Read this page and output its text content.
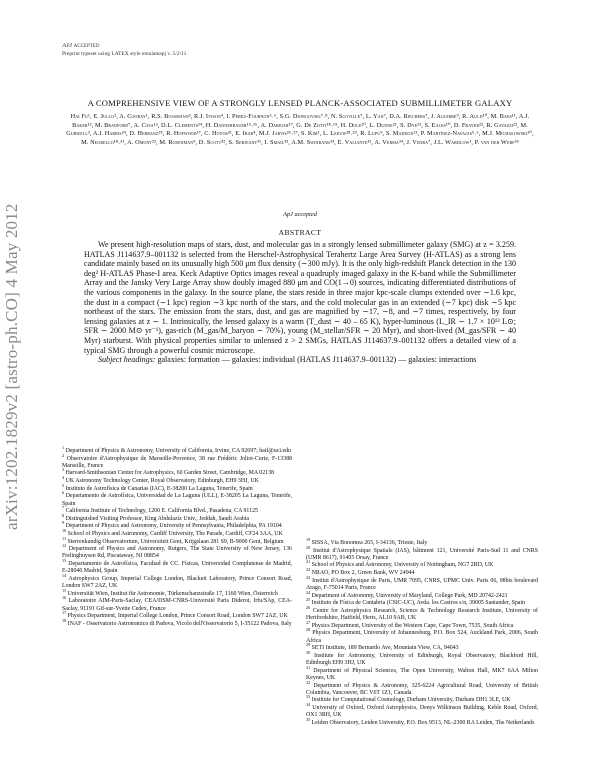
ApJ accepted
Preprint typeset using LATEX style emulateapj v. 5/2/11
arXiv:1202.1829v2 [astro-ph.CO] 4 May 2012
A COMPREHENSIVE VIEW OF A STRONGLY LENSED PLANCK-ASSOCIATED SUBMILLIMETER GALAXY
Hai Fu¹, E. Jullo², A. Cooray¹, R.S. Bussmann³, R.J. Ivison⁴, I. Pérez-Fournon⁵˒⁶, S.G. Djorgovski⁷˒⁸, N. Scoville⁷, L. Yan⁷, D.A. Riechers⁷, J. Aguirre⁹, R. Auld¹⁰, M. Baes¹¹, A.J. Baker¹², M. Bradford⁷, A. Cava¹³, D.L. Clements¹⁴, H. Dannerbauer¹⁵˒¹⁶, A. Dariush¹⁷, G. De Zotti¹⁸˒¹⁹, H. Dole²⁰, L. Dunne²¹, S. Dye²¹, S. Eales¹⁰, D. Frayer²², R. Gavazzi²³, M. Gurwell³, A.I. Harris²⁴, D. Herranz²⁵, R. Hopwood¹⁷, C. Hoyos²¹, E. Ibar⁴, M.J. Jarvis²⁶˒²⁷, S. Kim¹, L. Leeuw²⁸˒²⁹, R. Lupu⁹, S. Maddox²¹, P. Martínez-Navajas⁵˒⁶, M.J. Michałowski³⁰, M. Negrello¹⁸˒³¹, A. Omont²³, M. Rosenman⁹, D. Scott³², S. Serjeant³¹, I. Smail³³, A.M. Swinbank³³, E. Valiante³², A. Verma³⁴, J. Vieira⁷, J.L. Wardlow¹, P. van der Werf³⁵
ApJ accepted
ABSTRACT

We present high-resolution maps of stars, dust, and molecular gas in a strongly lensed submillimeter galaxy (SMG) at z = 3.259. HATLAS J114637.9–001132 is selected from the Herschel-Astrophysical Terahertz Large Area Survey (H-ATLAS) as a strong lens candidate mainly based on its unusually high 500 μm flux density (∼300 mJy). It is the only high-redshift Planck detection in the 130 deg² H-ATLAS Phase-I area. Keck Adaptive Optics images reveal a quadruply imaged galaxy in the K-band while the Submillimeter Array and the Jansky Very Large Array show doubly imaged 880 μm and CO(1→0) sources, indicating differentiated distributions of the various components in the galaxy. In the source plane, the stars reside in three major kpc-scale clumps extended over ∼1.6 kpc, the dust in a compact (∼1 kpc) region ∼3 kpc north of the stars, and the cold molecular gas in an extended (∼7 kpc) disk ∼5 kpc northeast of the stars. The emission from the stars, dust, and gas are magnified by ∼17, ∼8, and ∼7 times, respectively, by four lensing galaxies at z ∼ 1. Intrinsically, the lensed galaxy is a warm (T_dust ∼ 40 – 65 K), hyper-luminous (L_IR ∼ 1.7 × 10¹³ L⊙; SFR ∼ 2000 M⊙ yr⁻¹), gas-rich (M_gas/M_baryon ∼ 70%), young (M_stellar/SFR ∼ 20 Myr), and short-lived (M_gas/SFR ∼ 40 Myr) starburst. With physical properties similar to unlensed z > 2 SMGs, HATLAS J114637.9–001132 offers a detailed view of a typical SMG through a powerful cosmic microscope.

Subject headings: galaxies: formation — galaxies: individual (HATLAS J114637.9–001132) — galaxies: interactions

$^1$ Department of Physics & Astronomy, University of California, Irvine, CA 92697; haif@uci.edu

$^2$ Observatoire d'Astrophysique de Marseille-Provence, 38 rue Frédéric Joliot-Curie, F-13388 Marseille, France

$^3$ Harvard-Smithsonian Center for Astrophysics, 60 Garden Street, Cambridge, MA 02138

$^4$ UK Astronomy Technology Center, Royal Observatory, Edinburgh, EH9 3HJ, UK

$^5$ Instituto de Astrofísica de Canarias (IAC), E-38200 La Laguna, Tenerife, Spain

$^6$ Departamento de Astrofísica, Universidad de La Laguna (ULL), E-38205 La Laguna, Tenerife, Spain

$^7$ California Institute of Technology, 1200 E. California Blvd., Pasadena, CA 91125

$^8$ Distinguished Visiting Professor, King Abdulaziz Univ., Jeddah, Saudi Arabia

$^9$ Department of Physics and Astronomy, University of Pennsylvania, Philadelphia, PA 19104

$^{10}$ School of Physics and Astronomy, Cardiff University, The Parade, Cardiff, CF24 3AA, UK

$^{11}$ Sterrenkundig Observatorium, Universiteit Gent, Krijgslaan 281 S9, B-9000 Gent, Belgium

$^{12}$ Department of Physics and Astronomy, Rutgers, The State University of New Jersey, 136 Frelinghuysen Rd, Piscataway, NJ 08854

$^{13}$ Departamento de Astrofísica, Facultad de CC. Físicas, Universidad Complutense de Madrid, E-28040 Madrid, Spain

$^{14}$ Astrophysics Group, Imperial College London, Blackett Laboratory, Prince Consort Road, London SW7 2AZ, UK

$^{15}$ Universität Wien, Institut für Astronomie, Türkenschanzstraße 17, 1160 Wien, Österreich

$^{16}$ Laboratoire AIM-Paris-Saclay, CEA/DSM-CNRS-Université Paris Diderot, Irfu/SAp, CEA-Saclay, 91191 Gif-sur-Yvette Cedex, France

$^{17}$ Physics Department, Imperial College London, Prince Consort Road, London SW7 2AZ, UK

$^{18}$ INAF - Osservatorio Astronomico di Padova, Vicolo dell'Osservatorio 5, I-35122 Padova, Italy

$^{19}$ SISSA, Via Bonomea 265, I-34136, Trieste, Italy

$^{20}$ Institut d'Astrophysique Spatiale (IAS), bâtiment 121, Université Paris-Sud 11 and CNRS (UMR 8617), 91405 Orsay, France

$^{21}$ School of Physics and Astronomy, University of Nottingham, NG7 2RD, UK

$^{22}$ NRAO, PO Box 2, Green Bank, WV 24944

$^{23}$ Institut d'Astrophysique de Paris, UMR 7095, CNRS, UPMC Univ. Paris 06, 98bis boulevard Arago, F-75014 Paris, France

$^{24}$ Department of Astronomy, University of Maryland, College Park, MD 20742-2421

$^{25}$ Instituto de Física de Cantabria (CSIC-UC), Avda. los Castros s/n, 39005 Santander, Spain

$^{26}$ Centre for Astrophysics Research, Science & Technology Research Institute, University of Hertfordshire, Hatfield, Herts, AL10 9AB, UK

$^{27}$ Physics Department, University of the Western Cape, Cape Town, 7535, South Africa

$^{28}$ Physics Department, University of Johannesburg, P.O. Box 524, Auckland Park, 2006, South Africa

$^{29}$ SETI Institute, 189 Bernardo Ave, Mountain View, CA, 94043

$^{30}$ Institute for Astronomy, University of Edinburgh, Royal Observatory, Blackford Hill, Edinburgh EH9 3HJ, UK

$^{31}$ Department of Physical Sciences, The Open University, Walton Hall, MK7 6AA Milton Keynes, UK

$^{32}$ Department of Physics & Astronomy, 325-6224 Agricultural Road, University of British Columbia, Vancouver, BC V6T 1Z1, Canada

$^{33}$ Institute for Computational Cosmology, Durham University, Durham DH1 3LE, UK

$^{34}$ University of Oxford, Oxford Astrophysics, Denys Wilkinson Building, Keble Road, Oxford, OX1 3RH, UK

$^{35}$ Leiden Observatory, Leiden University, P.O. Box 9513, NL-2300 RA Leiden, The Netherlands
